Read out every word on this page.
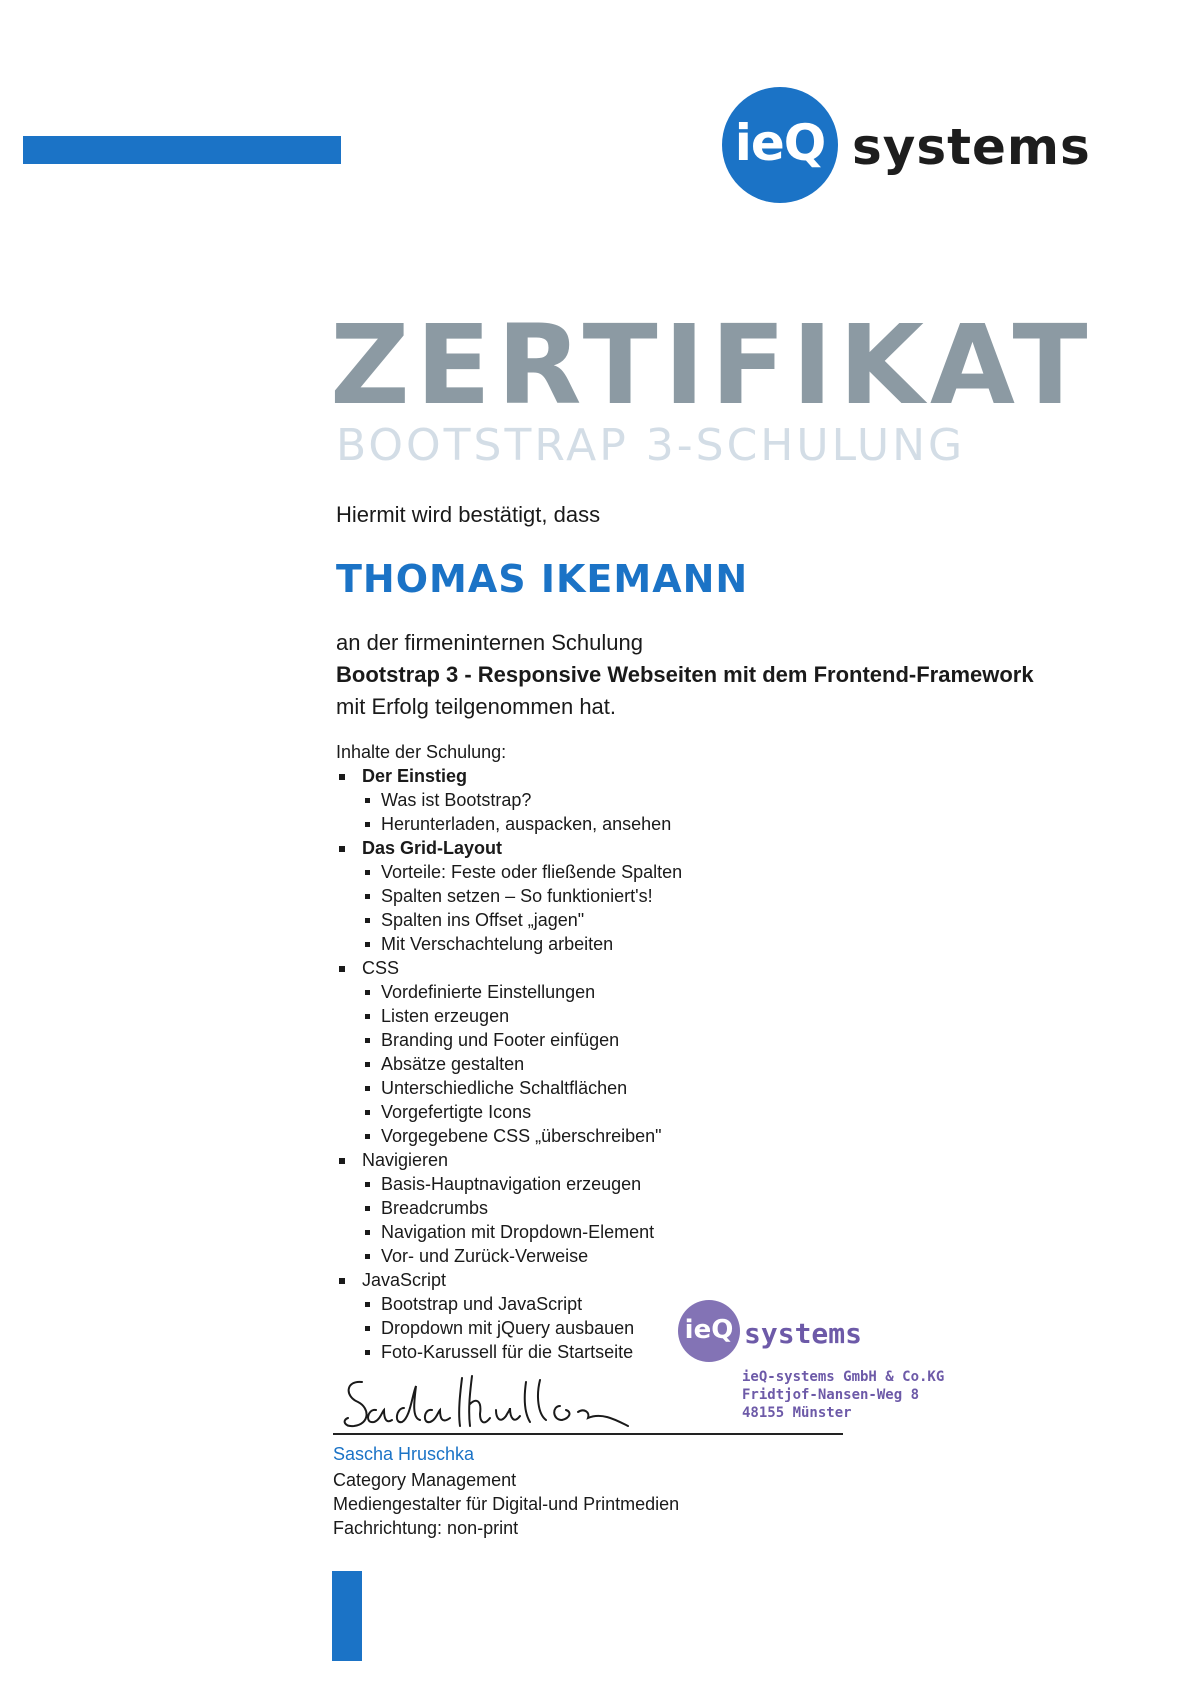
ieQ systems
ZERTIFIKAT
BOOTSTRAP 3-SCHULUNG
Hiermit wird bestätigt, dass
THOMAS IKEMANN
an der firmeninternen Schulung
Bootstrap 3 - Responsive Webseiten mit dem Frontend-Framework
mit Erfolg teilgenommen hat.
Inhalte der Schulung:
Der Einstieg
Was ist Bootstrap?
Herunterladen, auspacken, ansehen
Das Grid-Layout
Vorteile: Feste oder fließende Spalten
Spalten setzen – So funktioniert's!
Spalten ins Offset „jagen"
Mit Verschachtelung arbeiten
CSS
Vordefinierte Einstellungen
Listen erzeugen
Branding und Footer einfügen
Absätze gestalten
Unterschiedliche Schaltflächen
Vorgefertigte Icons
Vorgegebene CSS „überschreiben"
Navigieren
Basis-Hauptnavigation erzeugen
Breadcrumbs
Navigation mit Dropdown-Element
Vor- und Zurück-Verweise
JavaScript
Bootstrap und JavaScript
Dropdown mit jQuery ausbauen
Foto-Karussell für die Startseite
ieQ systems
ieQ-systems GmbH & Co.KG
Fridtjof-Nansen-Weg 8
48155 Münster
Sascha Hruschka
Category Management
Mediengestalter für Digital-und Printmedien
Fachrichtung: non-print
